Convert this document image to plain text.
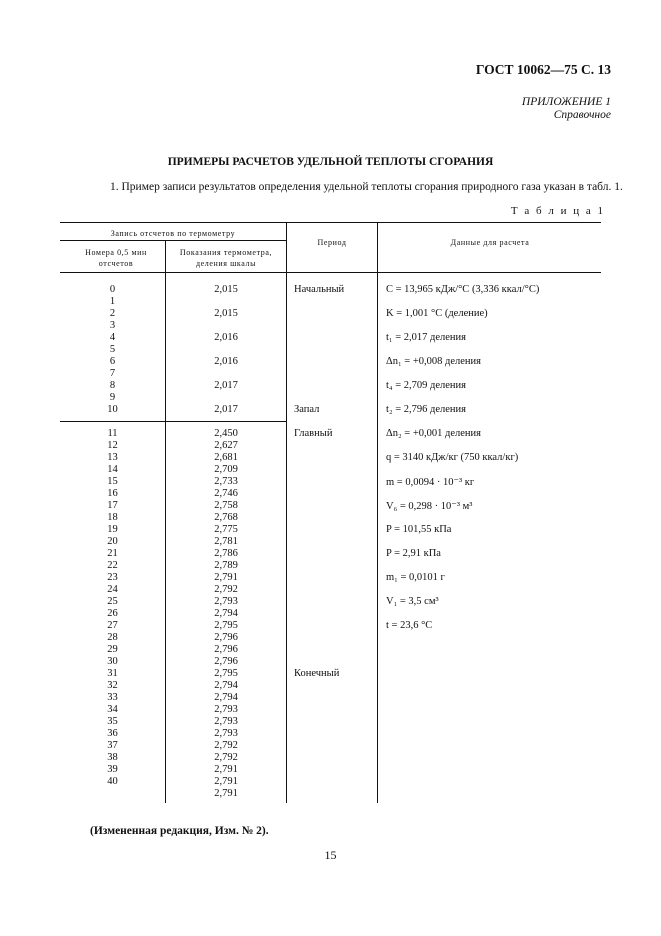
ГОСТ 10062—75 С. 13
ПРИЛОЖЕНИЕ 1
Справочное
ПРИМЕРЫ РАСЧЕТОВ УДЕЛЬНОЙ ТЕПЛОТЫ СГОРАНИЯ
1. Пример записи результатов определения удельной теплоты сгорания природного газа указан в табл. 1.
Т а б л и ц а 1
Запись отсчетов по термометру
Номера 0,5 мин отсчетов
Показания термометра, деления шкалы
Период	Данные для расчета
0
1
2
3
4
5
6
7
8
9
10
2,015

2,015

2,016

2,016

2,017

2,017
11
12
13
14
15
16
17
18
19
20
21
22
23
24
25
26
27
28
29
30
31
32
33
34
35
36
37
38
39
40
2,450
2,627
2,681
2,709
2,733
2,746
2,758
2,768
2,775
2,781
2,786
2,789
2,791
2,792
2,793
2,794
2,795
2,796
2,796
2,796
2,795
2,794
2,794
2,793
2,793
2,793
2,792
2,792
2,791
2,791
2,791
Начальный
Запал
Главный
Конечный
C = 13,965 кДж/°C (3,336 ккал/°C)
K = 1,001 °C (деление)
t₁ = 2,017 деления
Δn₁ = +0,008 деления
t₄ = 2,709 деления
t₂ = 2,796 деления
Δn₂ = +0,001 деления
q = 3140 кДж/кг (750 ккал/кг)
m = 0,0094 · 10⁻³ кг
V₆ = 0,298 · 10⁻³ м³
P = 101,55 кПа
P = 2,91 кПа
m₁ = 0,0101 г
V₁ = 3,5 см³
t = 23,6 °C
(Измененная редакция, Изм. № 2).
15
